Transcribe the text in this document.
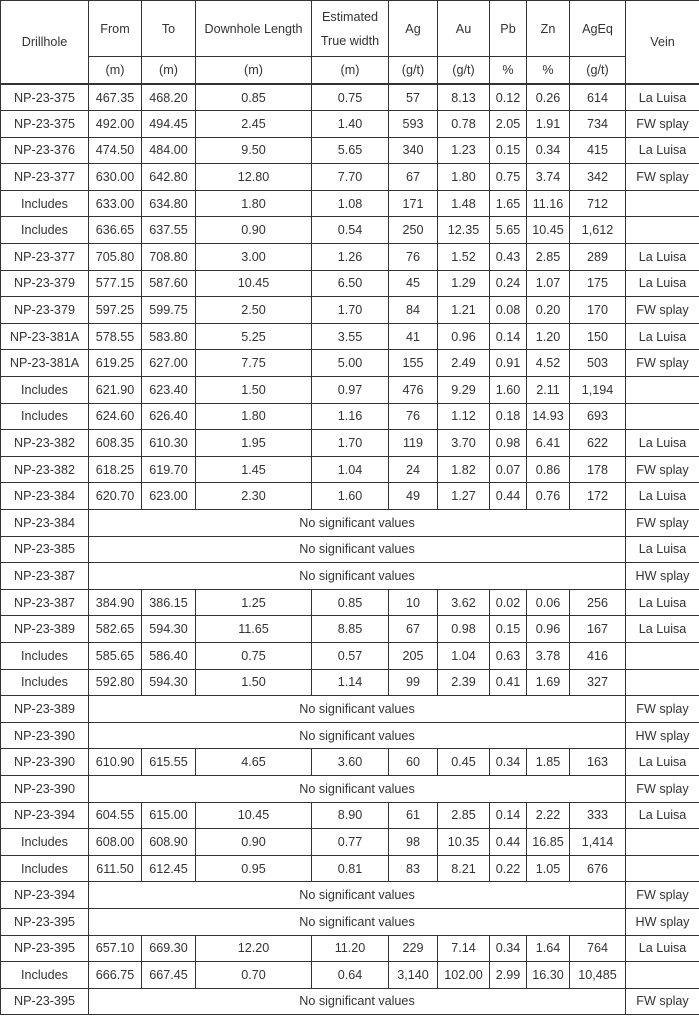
Drillhole	From	To	Downhole Length	Estimated True width	Ag	Au	Pb	Zn	AgEq	Vein
	(m)	(m)	(m)	(m)	(g/t)	(g/t)	%	%	(g/t)	
NP-23-375	467.35	468.20	0.85	0.75	57	8.13	0.12	0.26	614	La Luisa
NP-23-375	492.00	494.45	2.45	1.40	593	0.78	2.05	1.91	734	FW splay
NP-23-376	474.50	484.00	9.50	5.65	340	1.23	0.15	0.34	415	La Luisa
NP-23-377	630.00	642.80	12.80	7.70	67	1.80	0.75	3.74	342	FW splay
Includes	633.00	634.80	1.80	1.08	171	1.48	1.65	11.16	712	
Includes	636.65	637.55	0.90	0.54	250	12.35	5.65	10.45	1,612	
NP-23-377	705.80	708.80	3.00	1.26	76	1.52	0.43	2.85	289	La Luisa
NP-23-379	577.15	587.60	10.45	6.50	45	1.29	0.24	1.07	175	La Luisa
NP-23-379	597.25	599.75	2.50	1.70	84	1.21	0.08	0.20	170	FW splay
NP-23-381A	578.55	583.80	5.25	3.55	41	0.96	0.14	1.20	150	La Luisa
NP-23-381A	619.25	627.00	7.75	5.00	155	2.49	0.91	4.52	503	FW splay
Includes	621.90	623.40	1.50	0.97	476	9.29	1.60	2.11	1,194	
Includes	624.60	626.40	1.80	1.16	76	1.12	0.18	14.93	693	
NP-23-382	608.35	610.30	1.95	1.70	119	3.70	0.98	6.41	622	La Luisa
NP-23-382	618.25	619.70	1.45	1.04	24	1.82	0.07	0.86	178	FW splay
NP-23-384	620.70	623.00	2.30	1.60	49	1.27	0.44	0.76	172	La Luisa
NP-23-384	No significant values									FW splay
NP-23-385	No significant values									La Luisa
NP-23-387	No significant values									HW splay
NP-23-387	384.90	386.15	1.25	0.85	10	3.62	0.02	0.06	256	La Luisa
NP-23-389	582.65	594.30	11.65	8.85	67	0.98	0.15	0.96	167	La Luisa
Includes	585.65	586.40	0.75	0.57	205	1.04	0.63	3.78	416	
Includes	592.80	594.30	1.50	1.14	99	2.39	0.41	1.69	327	
NP-23-389	No significant values									FW splay
NP-23-390	No significant values									HW splay
NP-23-390	610.90	615.55	4.65	3.60	60	0.45	0.34	1.85	163	La Luisa
NP-23-390	No significant values									FW splay
NP-23-394	604.55	615.00	10.45	8.90	61	2.85	0.14	2.22	333	La Luisa
Includes	608.00	608.90	0.90	0.77	98	10.35	0.44	16.85	1,414	
Includes	611.50	612.45	0.95	0.81	83	8.21	0.22	1.05	676	
NP-23-394	No significant values									FW splay
NP-23-395	No significant values									HW splay
NP-23-395	657.10	669.30	12.20	11.20	229	7.14	0.34	1.64	764	La Luisa
Includes	666.75	667.45	0.70	0.64	3,140	102.00	2.99	16.30	10,485	
NP-23-395	No significant values									FW splay
